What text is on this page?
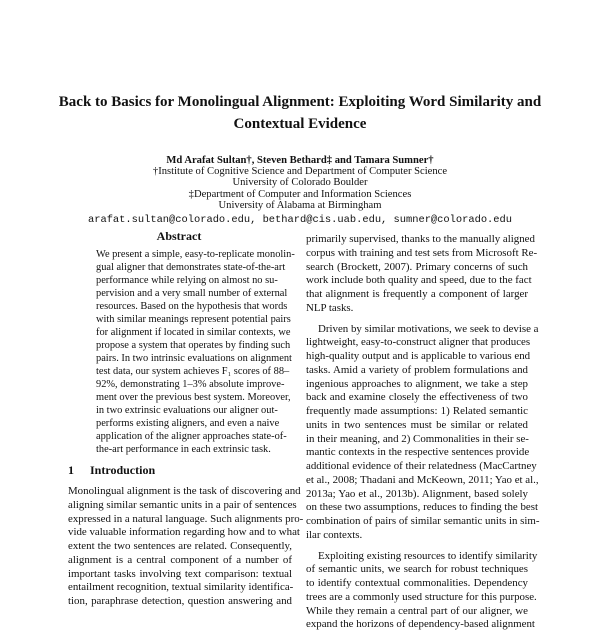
Back to Basics for Monolingual Alignment: Exploiting Word Similarity and
Contextual Evidence
Md Arafat Sultan†, Steven Bethard‡ and Tamara Sumner†
†Institute of Cognitive Science and Department of Computer Science
University of Colorado Boulder
‡Department of Computer and Information Sciences
University of Alabama at Birmingham
arafat.sultan@colorado.edu, bethard@cis.uab.edu, sumner@colorado.edu
Abstract
We present a simple, easy-to-replicate monolin-
gual aligner that demonstrates state-of-the-art
performance while relying on almost no su-
pervision and a very small number of external
resources. Based on the hypothesis that words
with similar meanings represent potential pairs
for alignment if located in similar contexts, we
propose a system that operates by finding such
pairs. In two intrinsic evaluations on alignment
test data, our system achieves F₁ scores of 88–
92%, demonstrating 1–3% absolute improve-
ment over the previous best system. Moreover,
in two extrinsic evaluations our aligner out-
performs existing aligners, and even a naive
application of the aligner approaches state-of-
the-art performance in each extrinsic task.
1 Introduction
Monolingual alignment is the task of discovering and
aligning similar semantic units in a pair of sentences
expressed in a natural language. Such alignments pro-
vide valuable information regarding how and to what
extent the two sentences are related. Consequently,
alignment is a central component of a number of
important tasks involving text comparison: textual
entailment recognition, textual similarity identifica-
tion, paraphrase detection, question answering and
primarily supervised, thanks to the manually aligned
corpus with training and test sets from Microsoft Re-
search (Brockett, 2007). Primary concerns of such
work include both quality and speed, due to the fact
that alignment is frequently a component of larger
NLP tasks.
Driven by similar motivations, we seek to devise a
lightweight, easy-to-construct aligner that produces
high-quality output and is applicable to various end
tasks. Amid a variety of problem formulations and
ingenious approaches to alignment, we take a step
back and examine closely the effectiveness of two
frequently made assumptions: 1) Related semantic
units in two sentences must be similar or related
in their meaning, and 2) Commonalities in their se-
mantic contexts in the respective sentences provide
additional evidence of their relatedness (MacCartney
et al., 2008; Thadani and McKeown, 2011; Yao et al.,
2013a; Yao et al., 2013b). Alignment, based solely
on these two assumptions, reduces to finding the best
combination of pairs of similar semantic units in sim-
ilar contexts.
Exploiting existing resources to identify similarity
of semantic units, we search for robust techniques
to identify contextual commonalities. Dependency
trees are a commonly used structure for this purpose.
While they remain a central part of our aligner, we
expand the horizons of dependency-based alignment
